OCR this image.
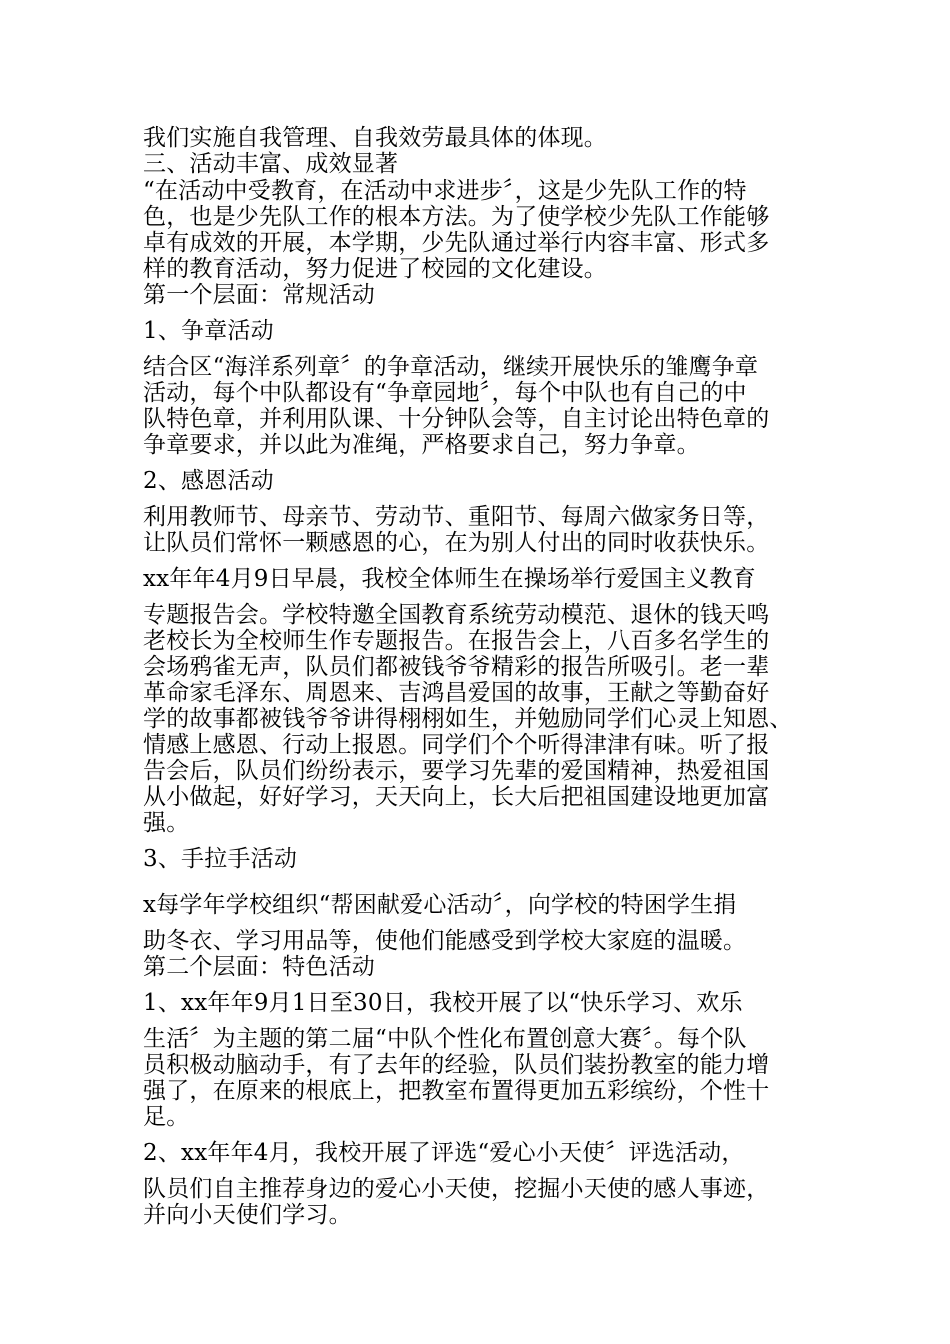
我们实施自我管理、自我效劳最具体的体现。
三、活动丰富、成效显著
“在活动中受教育，在活动中求进步〞，这是少先队工作的特
色，也是少先队工作的根本方法。为了使学校少先队工作能够
卓有成效的开展，本学期，少先队通过举行内容丰富、形式多
样的教育活动，努力促进了校园的文化建设。
第一个层面：常规活动
1、争章活动
结合区“海洋系列章〞的争章活动，继续开展快乐的雏鹰争章
活动，每个中队都设有“争章园地〞，每个中队也有自己的中
队特色章，并利用队课、十分钟队会等，自主讨论出特色章的
争章要求，并以此为准绳，严格要求自己，努力争章。
2、感恩活动
利用教师节、母亲节、劳动节、重阳节、每周六做家务日等，
让队员们常怀一颗感恩的心，在为别人付出的同时收获快乐。
xx年年4月9日早晨，我校全体师生在操场举行爱国主义教育
专题报告会。学校特邀全国教育系统劳动模范、退休的钱天鸣
老校长为全校师生作专题报告。在报告会上，八百多名学生的
会场鸦雀无声，队员们都被钱爷爷精彩的报告所吸引。老一辈
革命家毛泽东、周恩来、吉鸿昌爱国的故事，王献之等勤奋好
学的故事都被钱爷爷讲得栩栩如生，并勉励同学们心灵上知恩、
情感上感恩、行动上报恩。同学们个个听得津津有味。听了报
告会后，队员们纷纷表示，要学习先辈的爱国精神，热爱祖国
从小做起，好好学习，天天向上，长大后把祖国建设地更加富
强。
3、手拉手活动
x每学年学校组织“帮困献爱心活动〞，向学校的特困学生捐
助冬衣、学习用品等，使他们能感受到学校大家庭的温暖。
第二个层面：特色活动
1、xx年年9月1日至30日，我校开展了以“快乐学习、欢乐
生活〞为主题的第二届“中队个性化布置创意大赛〞。每个队
员积极动脑动手，有了去年的经验，队员们装扮教室的能力增
强了，在原来的根底上，把教室布置得更加五彩缤纷，个性十
足。
2、xx年年4月，我校开展了评选“爱心小天使〞评选活动，
队员们自主推荐身边的爱心小天使，挖掘小天使的感人事迹，
并向小天使们学习。
